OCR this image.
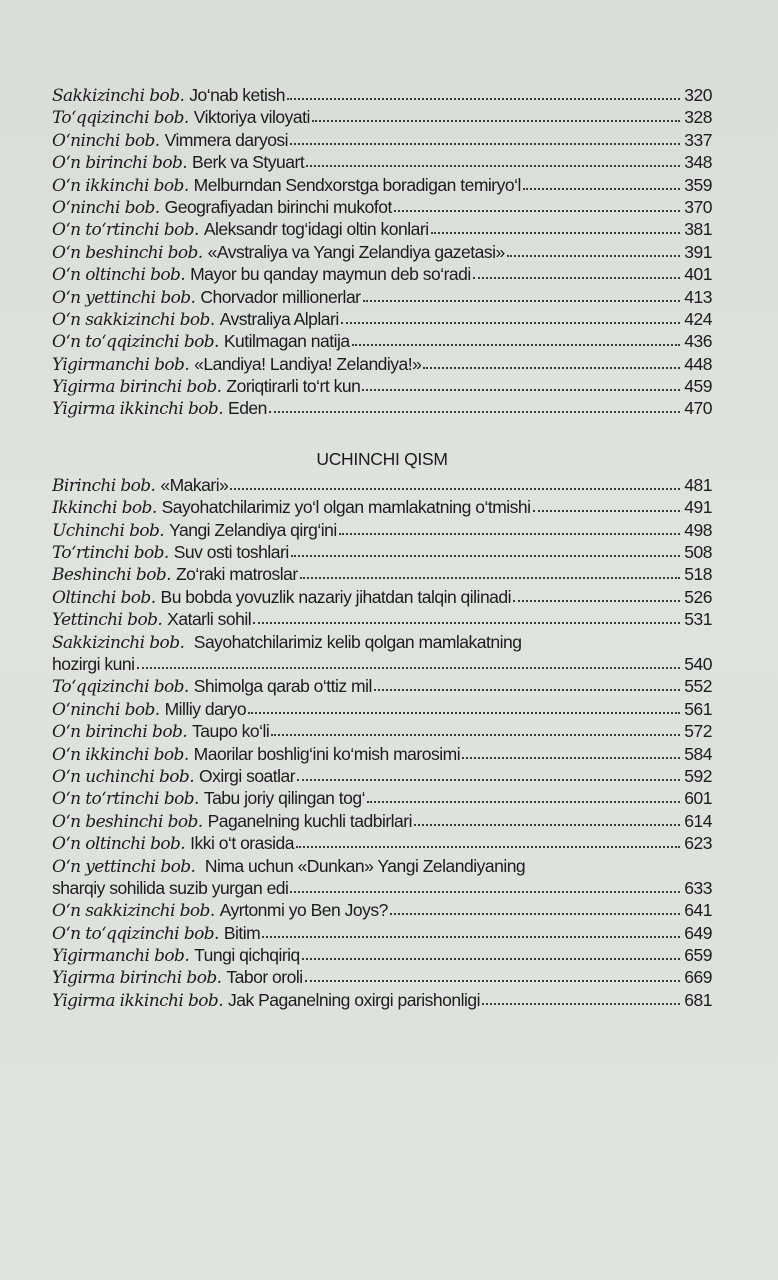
Sakkizinchi bob. Jo‘nab ketish	320
To‘qqizinchi bob. Viktoriya viloyati	328
O‘ninchi bob. Vimmera daryosi	337
O‘n birinchi bob. Berk va Styuart	348
O‘n ikkinchi bob. Melburndan Sendxorstga boradigan temiryo‘l	359
O‘ninchi bob. Geografiyadan birinchi mukofot	370
O‘n to‘rtinchi bob. Aleksandr tog‘idagi oltin konlari	381
O‘n beshinchi bob. «Avstraliya va Yangi Zelandiya gazetasi»	391
O‘n oltinchi bob. Mayor bu qanday maymun deb so‘radi	401
O‘n yettinchi bob. Chorvador millionerlar	413
O‘n sakkizinchi bob. Avstraliya Alplari	424
O‘n to‘qqizinchi bob. Kutilmagan natija	436
Yigirmanchi bob. «Landiya! Landiya! Zelandiya!»	448
Yigirma birinchi bob. Zoriqtirarli to‘rt kun	459
Yigirma ikkinchi bob. Eden	470
UCHINCHI QISM
Birinchi bob. «Makari»	481
Ikkinchi bob. Sayohatchilarimiz yo‘l olgan mamlakatning o‘tmishi	491
Uchinchi bob. Yangi Zelandiya qirg‘ini	498
To‘rtinchi bob. Suv osti toshlari	508
Beshinchi bob. Zo‘raki matroslar	518
Oltinchi bob. Bu bobda yovuzlik nazariy jihatdan talqin qilinadi	526
Yettinchi bob. Xatarli sohil	531
Sakkizinchi bob. Sayohatchilarimiz kelib qolgan mamlakatning
hozirgi kuni	540
To‘qqizinchi bob. Shimolga qarab o‘ttiz mil	552
O‘ninchi bob. Milliy daryo	561
O‘n birinchi bob. Taupo ko‘li	572
O‘n ikkinchi bob. Maorilar boshlig‘ini ko‘mish marosimi	584
O‘n uchinchi bob. Oxirgi soatlar	592
O‘n to‘rtinchi bob. Tabu joriy qilingan tog‘	601
O‘n beshinchi bob. Paganelning kuchli tadbirlari	614
O‘n oltinchi bob. Ikki o‘t orasida	623
O‘n yettinchi bob. Nima uchun «Dunkan» Yangi Zelandiyaning
sharqiy sohilida suzib yurgan edi	633
O‘n sakkizinchi bob. Ayrtonmi yo Ben Joys?	641
O‘n to‘qqizinchi bob. Bitim	649
Yigirmanchi bob. Tungi qichqiriq	659
Yigirma birinchi bob. Tabor oroli	669
Yigirma ikkinchi bob. Jak Paganelning oxirgi parishonligi	681
